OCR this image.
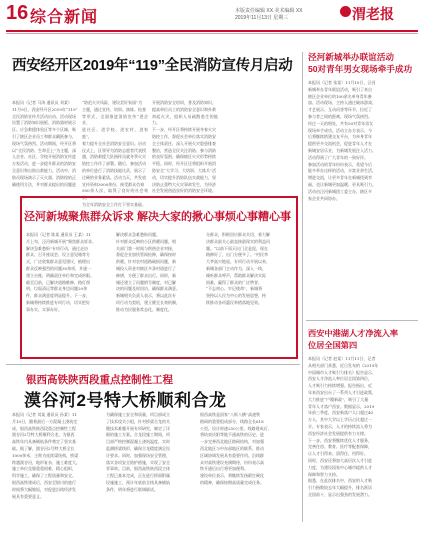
16 综合新闻	本版责任编辑 XX 美术编辑 XX
2019年11月13日 星期三	渭老报
西安经开区2019年“119”全民消防宣传月启动
本报讯（记者 马涛 通讯员 刘某）
11月9日，西安经开区2019年“119”
全民消防宣传月活动启动。活动现场
设置了消防知识展板、消防器材展示
区、应急救援体验区等多个区域，吸
引了辖区企业员工和群众踊跃参与，
现场气氛热烈。活动期间，经开区将
以“全民消防、生命至上”为主题，深
入企业、社区、学校开展消防宣传进
万家活动，进一步提升群众的消防安
全意识和自防自救能力。活动中，消
防员现场演示了灭火器、消防栓的正
确使用方法，并对群众提出的问题进
“防范火灾风险，建设美好家园”为
主题，通过宣传、培训、演练、检查
等形式，全面推进消防宣传“进企业、
进社区、进学校、进农村、进家庭”，
着力提升全社会消防安全意识。启动
仪式上，区领导为消防志愿者代表授
旗，消防救援大队指挥员就冬季火灾
防控工作作了部署。随后，参加活动
的单位进行了消防技能比武，展示了
过硬的业务素质。活动当天，共发放
宣传资料3000余份，接受群众咨询
500余人次，取得了良好的社会效果，
为全年消防安全工作打下坚实基础。
开展消防安全培训，普及消防知识，
提高单位员工的消防安全意识和扑救
初起火灾、组织人员疏散逃生的能力。
下一步，经开区将持续开展冬春火灾
防控工作，督促社会单位落实消防安
全主体责任，深入开展火灾隐患排查
整治，营造全民关注消防、参与消防
的良好氛围，确保辖区火灾形势持续
平稳。同时，经开区还将组织开展消
防安全“大学习、大培训、大练兵”活
动，切实提升消防队伍实战能力，坚
决防止重特大火灾事故发生，为经济
社会发展创造良好的消防安全环境。
泾河新城举办联谊活动
50对青年男女现场牵手成功
本报讯（记者 张某）11月10日，泾河
新城举办青年联谊活动，吸引了来自
辖区企业单位的100余名单身青年参
加。活动现场，主持人通过破冰游戏、
才艺展示、互动问答等环节，拉近了
参与者之间的距离，现场气氛热烈。
经过一天的相处，共有50对青年男女
现场牵手成功。活动主办方表示，今
后将继续搭建交友平台，为单身青年
提供更多交流机会，促进青年人才在
新城安居乐业，为新城发展注入活力。
活动得到了广大青年的一致好评。
参加活动的青年纷纷表示，希望今后
能多举办这样的活动，丰富业余生活，
增进交流，让更多青年在新城找到幸
福，也让新城更加温暖、更具吸引力。
活动由泾河新城团工委主办，辖区多
家企业共同协办。
泾河新城聚焦群众诉求 解决大家的揪心事烦心事糟心事
本报讯（记者 陈某 通讯员 王某）11
月上旬，泾河新城开展“聚焦群众诉求、
解决急难愁盼”专项行动，通过走访
群众、召开座谈会、设立意见箱等方
式，广泛收集群众意见建议，梳理出
群众反映强烈的问题30余项，并逐一
建立台账，明确责任单位和完成时限。
截至目前，已解决道路维修、路灯照
明、垃圾清运等群众身边问题20余
件，群众满意度明显提升。下一步，
新城将持续推进专项行动，切实把好
事办实、实事办好。
解决群众急难愁盼问题。
针对群众反映的小区供暖问题，相
关部门第一时间与供热企业对接，
督促企业加快管网检修，确保按时
供暖。针对农村道路破损问题，新
城投入资金对辖区多条村道进行了
修缮，方便了群众出行。同时，新
城还建立了问题销号制度，对已解
决的问题及时回访，确保群众满意。
新城相关负责人表示，将以此次专
项行动为契机，建立健全长效机制，
推动为民服务常态化、制度化。
分群众，积极回应群众关切，着力解
决群众最关心最直接最现实的利益问
题。“以前下雨天出门全是泥，现在
路修好了，出门方便多了。”村民李
大爷高兴地说。专项行动开展以来，
新城各部门主动作为，深入一线，
倾听群众呼声，帮助群众解决实际
困难，赢得了群众的广泛赞誉。
“不忘初心、牢记使命”，新城将
坚持以人民为中心的发展思想，持
续推动各项惠民举措落地见效。
西安中港湖人才净流入率
位居全国第四
本报讯（记者 赵某）11月11日，记者
从相关部门获悉，近日发布的《2019年
中国城市人才吸引力排名》报告显示，
西安人才净流入率位居全国第四位，
人才吸引力持续增强。报告指出，近
年来西安出台了一系列人才引进政策，
大力推进“户籍新政”，吸引了大量
青年人才落户西安。数据显示，2019
年前三季度，西安新落户人口超过40
万人，其中大学以上学历占比超过一
半。专家表示，人才的持续流入将为
西安经济社会发展提供有力支撑。
下一步，西安将继续优化人才服务，
完善住房、教育、医疗等配套保障，
让人才引得来、留得住、用得好。
同时，西安还将加大高层次人才引进
力度，为建设国家中心城市提供人才
保障和智力支持。
据悉，在此次排名中，西安的人才吸
引力指数较去年大幅提升，排名跃居
全国前十，显示出强劲的发展潜力。
银西高铁陕西段重点控制性工程
漠谷河2号特大桥顺利合龙
本报讯（记者 刘某 通讯员 孙某）11
月10日，随着最后一方混凝土浇筑完
成，银西高铁陕西段重点控制性工程
漠谷河2号特大桥顺利合龙，为银西
高铁年内具备铺轨条件奠定了坚实基
础。据了解，漠谷河2号特大桥全长
1000余米，主跨为连续梁结构，桥梁
跨越漠谷河，地形复杂，施工难度大。
施工单位克服重重困难，精心组织，
科学施工，确保了工程质量和安全。
银西高铁建成后，西安至银川的旅行
时间将大幅缩短，对促进沿线经济发
展具有重要意义。
为确保施工安全和质量，项目部成立
了技术攻关小组，针对桥梁合龙的关
键技术难题开展专项研究，制定了详
细的施工方案。合龙段施工期间，项
目部严格控制混凝土浇筑温度，实时
监测桥梁线形，确保合龙精度满足设
计要求。同时，加强现场安全管理，
落实各项安全防护措施，实现了安全
零事故。目前，银西高铁陕西段主体
工程已基本完成，正在进行桥面附属
设施施工，预计年底前全线具备铺轨
条件，明年将进行联调联试。
银西高铁是国家“八纵八横”高速铁
路网的重要组成部分，线路全长618
公里，设计时速250公里。线路建成后，
将结束庆阳等地不通高铁的历史，进
一步完善西北地区路网结构，对加强
西北地区与中东部地区的联系，推动
区域协调发展具有重要作用。沿线群
众对高铁建设充满期待，纷纷表示高
铁开通后出行将更加便利。
建设单位表示，将继续发扬敢打硬仗
的精神，确保按期高质量完成任务。
